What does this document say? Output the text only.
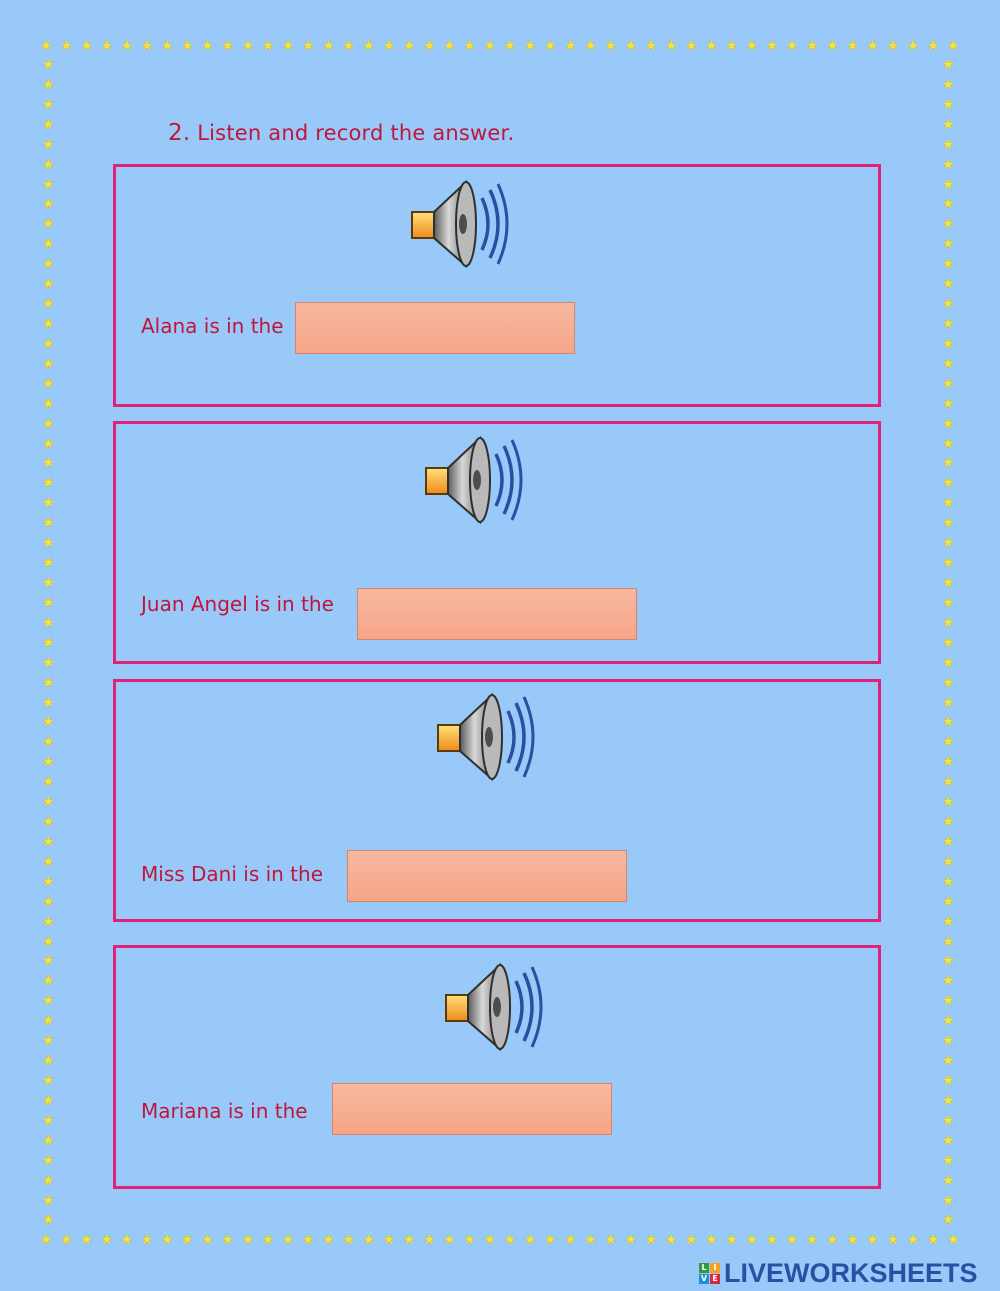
★ ★ ★ ★ ★ ★ ★ ★ ★ ★ ★ ★ ★ ★ ★ ★ ★ ★ ★ ★ ★ ★ ★ ★ ★ ★ ★ ★ ★ ★ ★ ★ ★ ★ ★ ★ ★ ★ ★ ★ ★ ★ ★ ★ ★ ★
★ ★ ★ ★ ★ ★ ★ ★ ★ ★ ★ ★ ★ ★ ★ ★ ★ ★ ★ ★ ★ ★ ★ ★ ★ ★ ★ ★ ★ ★ ★ ★ ★ ★ ★ ★ ★ ★ ★ ★ ★ ★ ★ ★ ★ ★
★
★
★
★
★
★
★
★
★
★
★
★
★
★
★
★
★
★
★
★
★
★
★
★
★
★
★
★
★
★
★
★
★
★
★
★
★
★
★
★
★
★
★
★
★
★
★
★
★
★
★
★
★
★
★
★
★
★
★
★
★
★
★
★
★
★
★
★
★
★
★
★
★
★
★
★
★
★
★
★
★
★
★
★
★
★
★
★
★
★
★
★
★
★
★
★
★
★
★
★
★
★
★
★
★
★
★
★
★
★
★
★
★
★
★
★
★
★
2. Listen and record the answer.
Alana is in the
Juan Angel is in the
Miss Dani is in the
Mariana is in the
L I
V E LIVEWORKSHEETS
